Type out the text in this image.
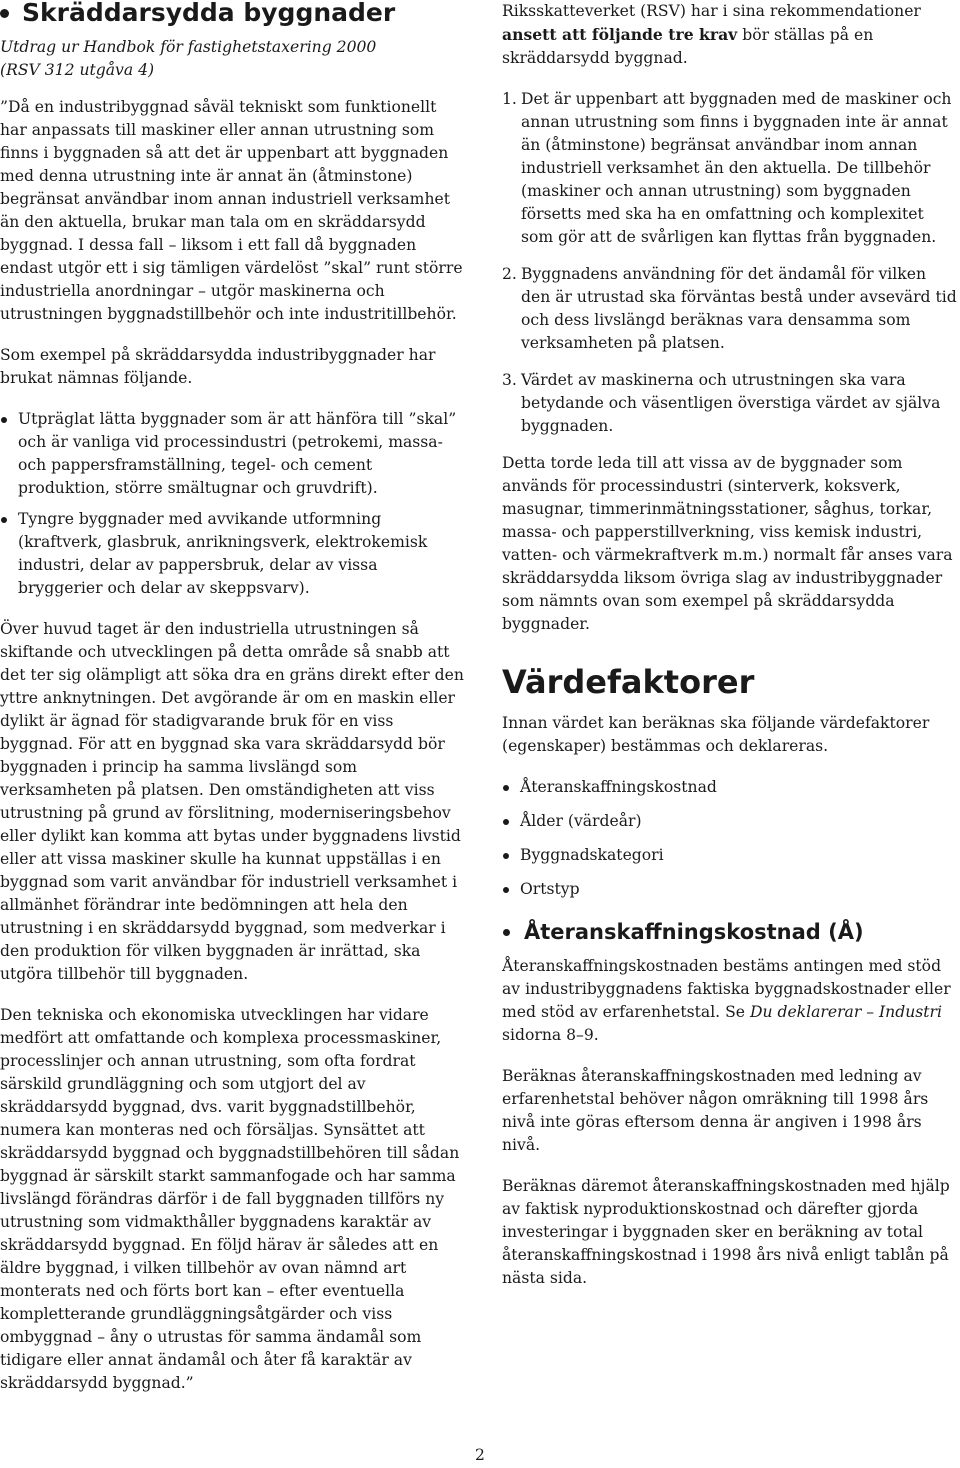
Skräddarsydda byggnader
Utdrag ur Handbok för fastighetstaxering 2000
(RSV 312 utgåva 4)

”Då en industribyggnad såväl tekniskt som funktionellt har anpassats till maskiner eller annan utrustning som finns i byggnaden så att det är uppenbart att byggnaden med denna utrustning inte är annat än (åtminstone) begränsat användbar inom annan industriell verksamhet än den aktuella, brukar man tala om en skräddarsydd byggnad. I dessa fall – liksom i ett fall då byggnaden endast utgör ett i sig tämligen värdelöst ”skal” runt större industriella anordningar – utgör maskinerna och utrustningen byggnadstillbehör och inte industritillbehör.

Som exempel på skräddarsydda industribyggnader har brukat nämnas följande.

Utpräglat lätta byggnader som är att hänföra till ”skal” och är vanliga vid processindustri (petrokemi, massa- och pappersframställning, tegel- och cement produktion, större smältugnar och gruvdrift).
Tyngre byggnader med avvikande utformning (kraftverk, glasbruk, anrikningsverk, elektrokemisk industri, delar av pappersbruk, delar av vissa bryggerier och delar av skeppsvarv).

Över huvud taget är den industriella utrustningen så skiftande och utvecklingen på detta område så snabb att det ter sig olämpligt att söka dra en gräns direkt efter den yttre anknytningen. Det avgörande är om en maskin eller dylikt är ägnad för stadigvarande bruk för en viss byggnad. För att en byggnad ska vara skräddarsydd bör byggnaden i princip ha samma livslängd som verksamheten på platsen. Den omständigheten att viss utrustning på grund av förslitning, moderniseringsbehov eller dylikt kan komma att bytas under byggnadens livstid eller att vissa maskiner skulle ha kunnat uppställas i en byggnad som varit användbar för industriell verksamhet i allmänhet förändrar inte bedömningen att hela den utrustning i en skräddarsydd byggnad, som medverkar i den produktion för vilken byggnaden är inrättad, ska utgöra tillbehör till byggnaden.

Den tekniska och ekonomiska utvecklingen har vidare medfört att omfattande och komplexa processmaskiner, processlinjer och annan utrustning, som ofta fordrat särskild grundläggning och som utgjort del av skräddarsydd byggnad, dvs. varit byggnadstillbehör, numera kan monteras ned och försäljas. Synsättet att skräddarsydd byggnad och byggnadstillbehören till sådan byggnad är särskilt starkt sammanfogade och har samma livslängd förändras därför i de fall byggnaden tillförs ny utrustning som vidmakthåller byggnadens karaktär av skräddarsydd byggnad. En följd härav är således att en äldre byggnad, i vilken tillbehör av ovan nämnd art monterats ned och förts bort kan – efter eventuella kompletterande grundläggningsåtgärder och viss ombyggnad – åny o utrustas för samma ändamål som tidigare eller annat ändamål och åter få karaktär av skräddarsydd byggnad.”

Riksskatteverket (RSV) har i sina rekommendationer ansett att följande tre krav bör ställas på en skräddarsydd byggnad.

1. Det är uppenbart att byggnaden med de maskiner och annan utrustning som finns i byggnaden inte är annat än (åtminstone) begränsat användbar inom annan industriell verksamhet än den aktuella. De tillbehör (maskiner och annan utrustning) som byggnaden försetts med ska ha en omfattning och komplexitet som gör att de svårligen kan flyttas från byggnaden.
2. Byggnadens användning för det ändamål för vilken den är utrustad ska förväntas bestå under avsevärd tid och dess livslängd beräknas vara densamma som verksamheten på platsen.
3. Värdet av maskinerna och utrustningen ska vara betydande och väsentligen överstiga värdet av själva byggnaden.

Detta torde leda till att vissa av de byggnader som används för processindustri (sinterverk, koksverk, masugnar, timmerinmätningsstationer, såghus, torkar, massa- och papperstillverkning, viss kemisk industri, vatten- och värmekraftverk m.m.) normalt får anses vara skräddarsydda liksom övriga slag av industribyggnader som nämnts ovan som exempel på skräddarsydda byggnader.

Värdefaktorer

Innan värdet kan beräknas ska följande värdefaktorer (egenskaper) bestämmas och deklareras.

Återanskaffningskostnad
Ålder (värdeår)
Byggnadskategori
Ortstyp
Återanskaffningskostnad (Å)

Återanskaffningskostnaden bestäms antingen med stöd av industribyggnadens faktiska byggnadskostnader eller med stöd av erfarenhetstal. Se Du deklarerar – Industri sidorna 8–9.

Beräknas återanskaffningskostnaden med ledning av erfarenhetstal behöver någon omräkning till 1998 års nivå inte göras eftersom denna är angiven i 1998 års nivå.

Beräknas däremot återanskaffningskostnaden med hjälp av faktisk nyproduktionskostnad och därefter gjorda investeringar i byggnaden sker en beräkning av total återanskaffningskostnad i 1998 års nivå enligt tablån på nästa sida.

2
